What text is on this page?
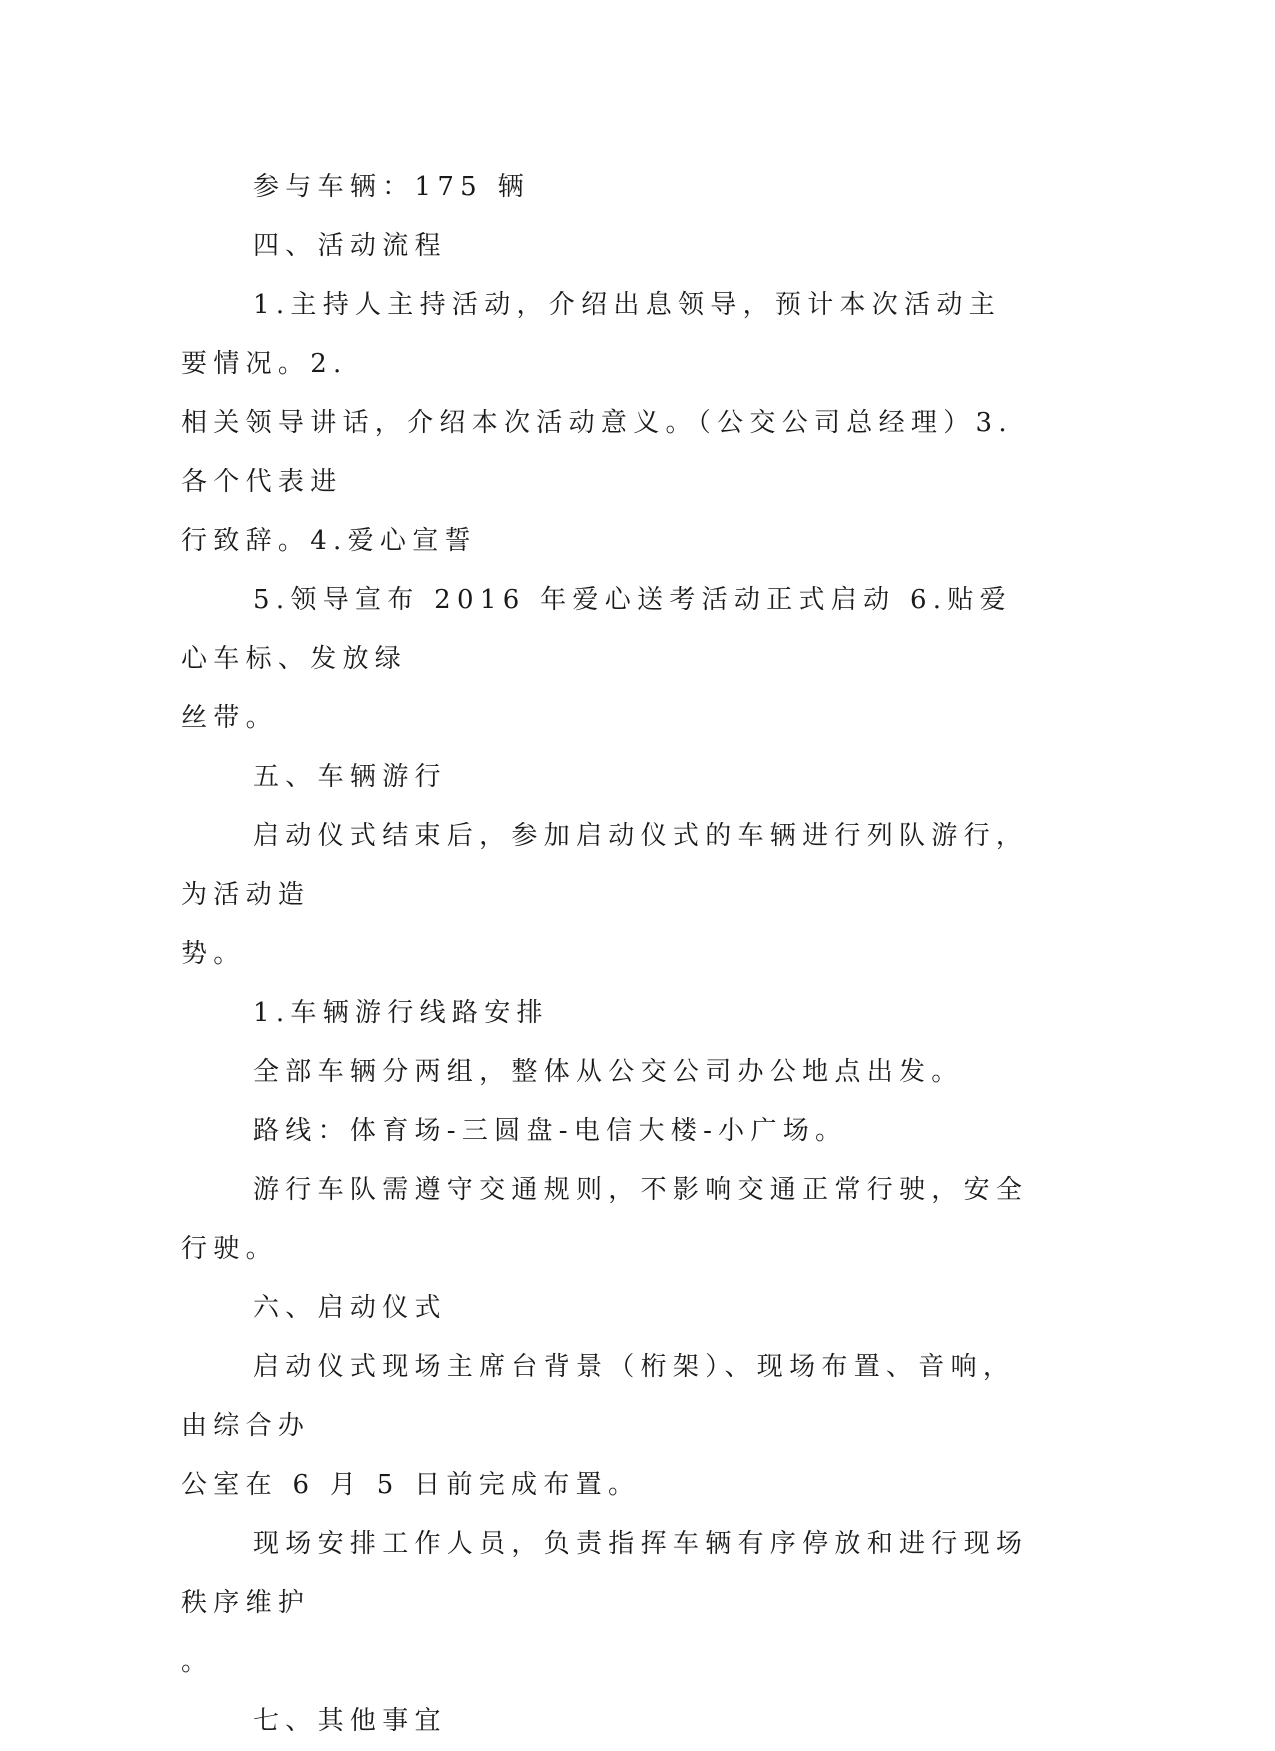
参与车辆：175 辆

四、活动流程

1.主持人主持活动，介绍出息领导，预计本次活动主要情况。2.
相关领导讲话，介绍本次活动意义。（公交公司总经理）3.各个代表进
行致辞。4.爱心宣誓

5.领导宣布 2016 年爱心送考活动正式启动 6.贴爱心车标、发放绿
丝带。

五、车辆游行

启动仪式结束后，参加启动仪式的车辆进行列队游行，为活动造
势。

1.车辆游行线路安排

全部车辆分两组，整体从公交公司办公地点出发。

路线：体育场-三圆盘-电信大楼-小广场。

游行车队需遵守交通规则，不影响交通正常行驶，安全行驶。

六、启动仪式

启动仪式现场主席台背景（桁架）、现场布置、音响，由综合办
公室在 6 月 5 日前完成布置。

现场安排工作人员，负责指挥车辆有序停放和进行现场秩序维护
。

七、其他事宜
